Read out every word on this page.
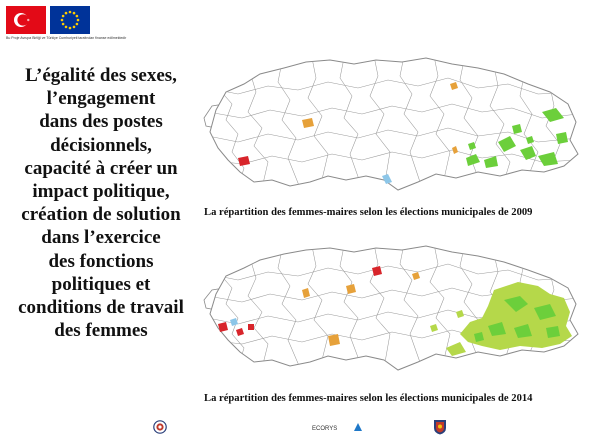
Bu Proje Avrupa Birliği ve Türkiye Cumhuriyeti tarafından finanse edilmektedir
L’égalité des sexes,
l’engagement
dans des postes
décisionnels,
capacité à créer un
impact politique,
création de solution
dans l’exercice
des fonctions
politiques et
conditions de travail
des femmes
La répartition des femmes-maires selon les élections municipales de 2009
La répartition des femmes-maires selon les élections municipales de 2014
ECORYS
